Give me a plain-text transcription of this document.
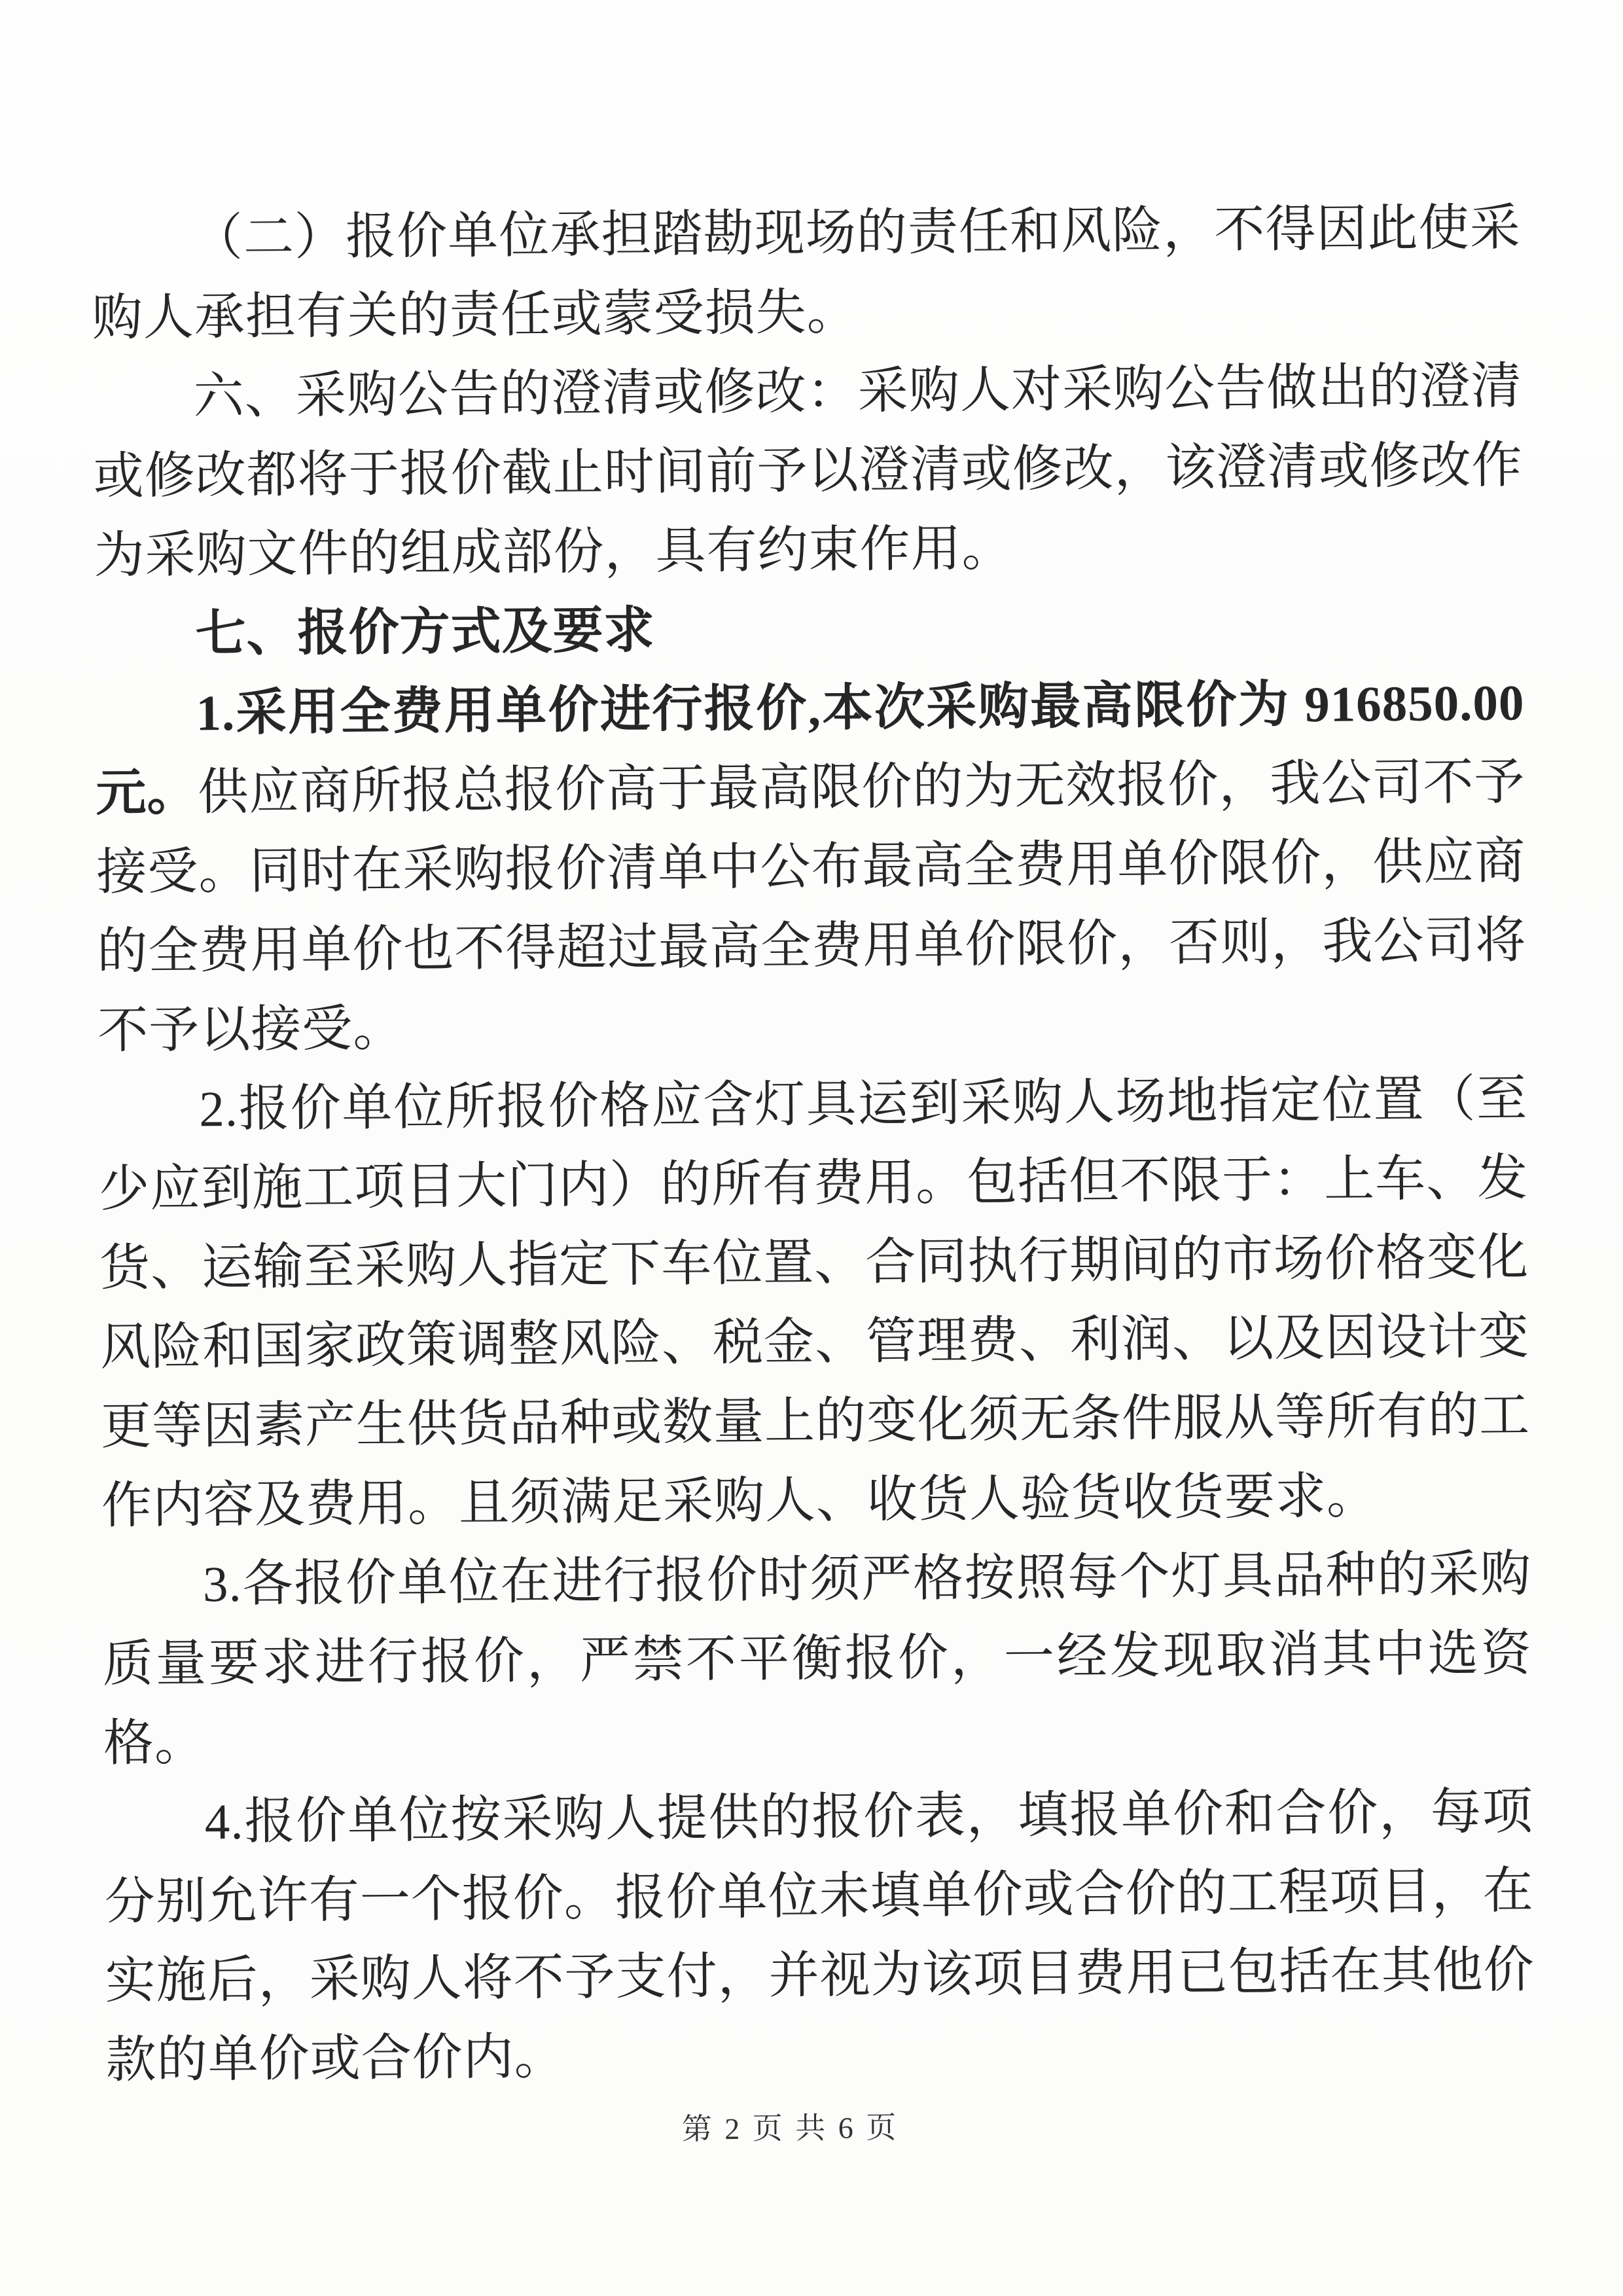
（二）报价单位承担踏勘现场的责任和风险，不得因此使采购人承担有关的责任或蒙受损失。

六、采购公告的澄清或修改：采购人对采购公告做出的澄清或修改都将于报价截止时间前予以澄清或修改，该澄清或修改作为采购文件的组成部份，具有约束作用。

七、报价方式及要求

1.采用全费用单价进行报价,本次采购最高限价为 916850.00 元。供应商所报总报价高于最高限价的为无效报价，我公司不予接受。同时在采购报价清单中公布最高全费用单价限价，供应商的全费用单价也不得超过最高全费用单价限价，否则，我公司将不予以接受。

2.报价单位所报价格应含灯具运到采购人场地指定位置（至少应到施工项目大门内）的所有费用。包括但不限于：上车、发货、运输至采购人指定下车位置、合同执行期间的市场价格变化风险和国家政策调整风险、税金、管理费、利润、以及因设计变更等因素产生供货品种或数量上的变化须无条件服从等所有的工作内容及费用。且须满足采购人、收货人验货收货要求。

3.各报价单位在进行报价时须严格按照每个灯具品种的采购质量要求进行报价，严禁不平衡报价，一经发现取消其中选资格。

4.报价单位按采购人提供的报价表，填报单价和合价，每项分别允许有一个报价。报价单位未填单价或合价的工程项目，在实施后，采购人将不予支付，并视为该项目费用已包括在其他价款的单价或合价内。

第 2 页 共 6 页
